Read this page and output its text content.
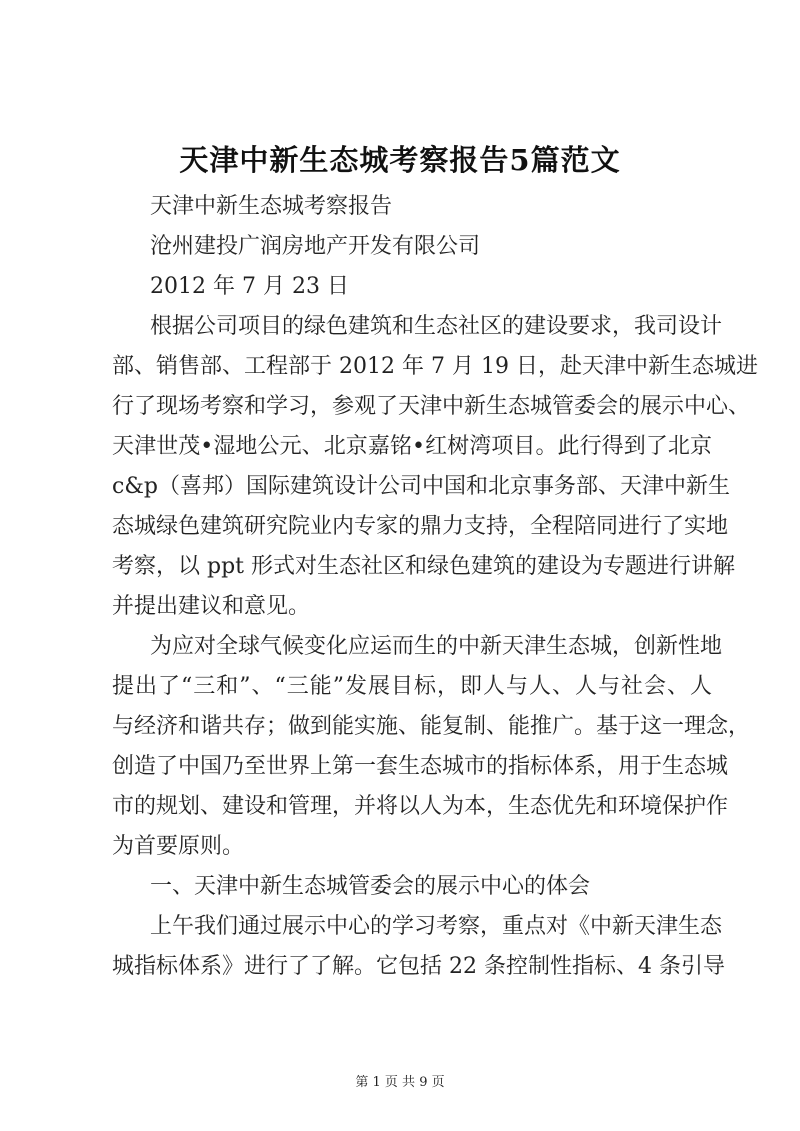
天津中新生态城考察报告5篇范文
天津中新生态城考察报告
沧州建投广润房地产开发有限公司
2012 年 7 月 23 日
根据公司项目的绿色建筑和生态社区的建设要求，我司设计
部、销售部、工程部于 2012 年 7 月 19 日，赴天津中新生态城进
行了现场考察和学习，参观了天津中新生态城管委会的展示中心、
天津世茂•湿地公元、北京嘉铭•红树湾项目。此行得到了北京
c&p（喜邦）国际建筑设计公司中国和北京事务部、天津中新生
态城绿色建筑研究院业内专家的鼎力支持，全程陪同进行了实地
考察，以 ppt 形式对生态社区和绿色建筑的建设为专题进行讲解
并提出建议和意见。
为应对全球气候变化应运而生的中新天津生态城，创新性地
提出了“三和”、“三能”发展目标，即人与人、人与社会、人
与经济和谐共存；做到能实施、能复制、能推广。基于这一理念，
创造了中国乃至世界上第一套生态城市的指标体系，用于生态城
市的规划、建设和管理，并将以人为本，生态优先和环境保护作
为首要原则。
一、天津中新生态城管委会的展示中心的体会
上午我们通过展示中心的学习考察，重点对《中新天津生态
城指标体系》进行了了解。它包括 22 条控制性指标、4 条引导
第 1 页 共 9 页
